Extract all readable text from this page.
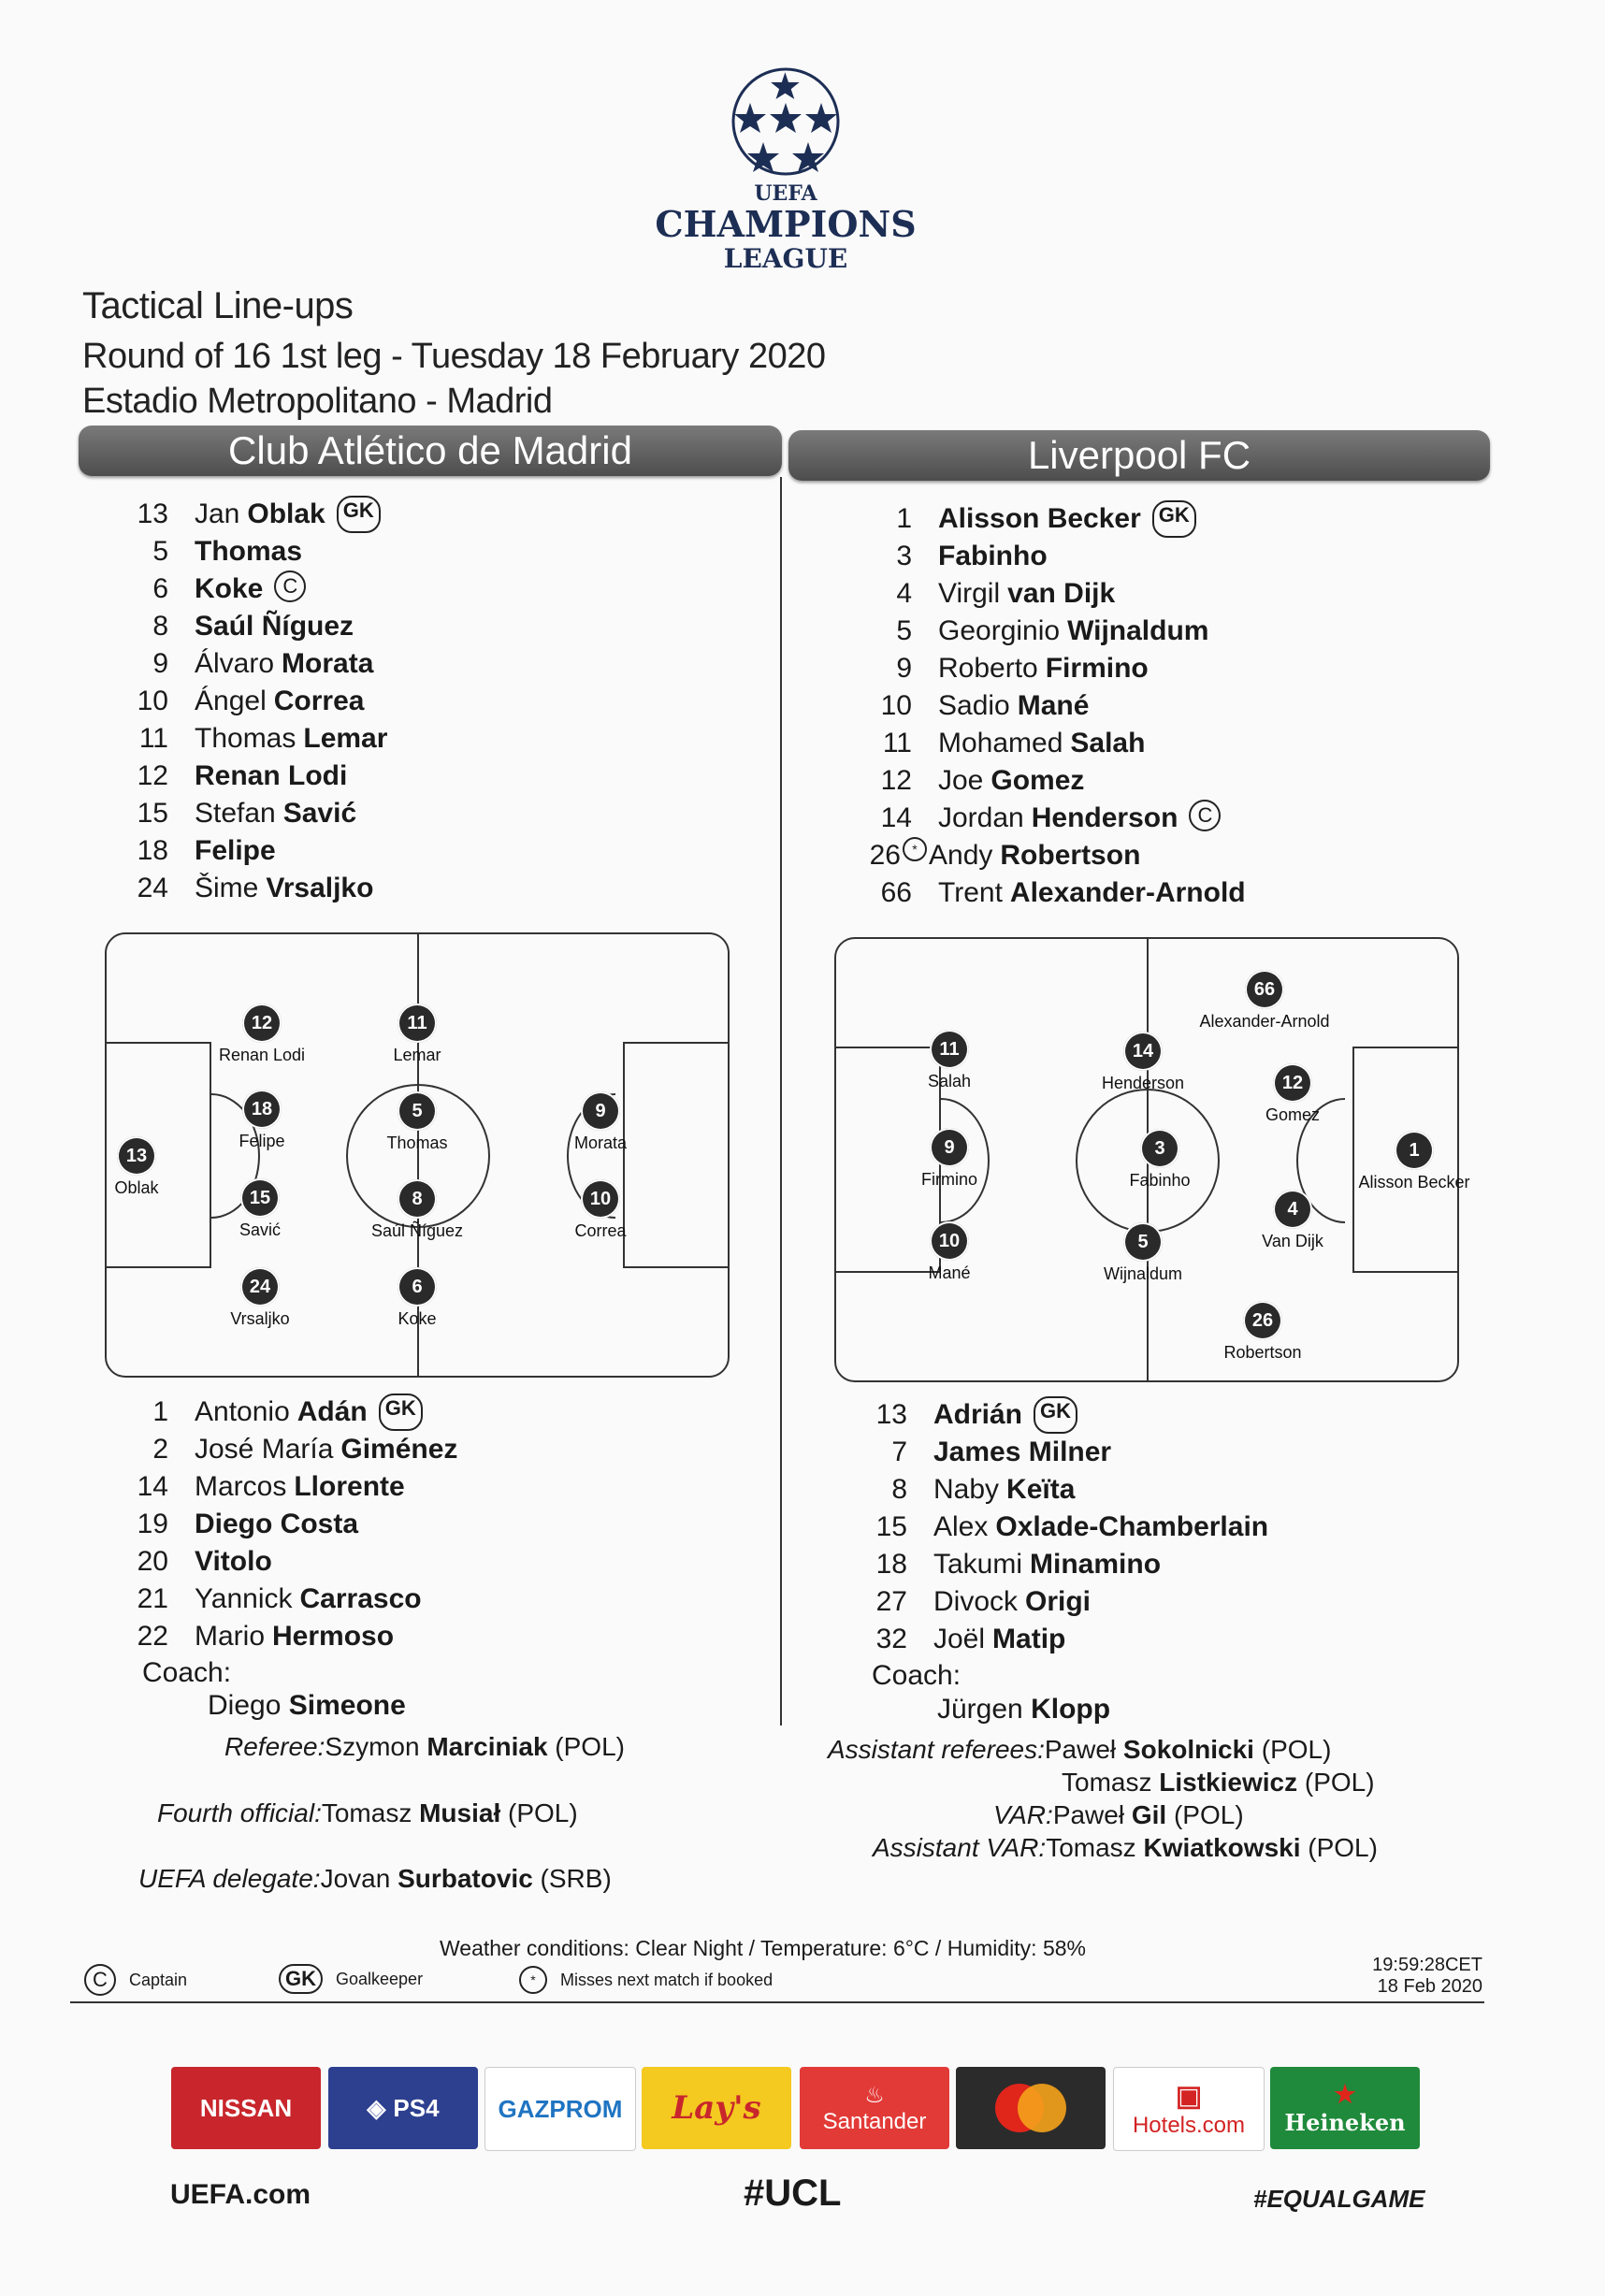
UEFA
CHAMPIONS
LEAGUE
Tactical Line-ups
Round of 16 1st leg - Tuesday 18 February 2020
Estadio Metropolitano - Madrid
Club Atlético de Madrid	Liverpool FC
13 Jan Oblak GK
5 Thomas
6 Koke C
8 Saúl Ñíguez
9 Álvaro Morata
10 Ángel Correa
11 Thomas Lemar
12 Renan Lodi
15 Stefan Savić
18 Felipe
24 Šime Vrsaljko
1 Alisson Becker GK
3 Fabinho
4 Virgil van Dijk
5 Georginio Wijnaldum
9 Roberto Firmino
10 Sadio Mané
11 Mohamed Salah
12 Joe Gomez
14 Jordan Henderson C
26 * Andy Robertson
66 Trent Alexander-Arnold
13
Oblak
12
Renan Lodi
18
Felipe
15
Savić
24
Vrsaljko
11
Lemar
5
Thomas
8
Saúl Ñíguez
6
Koke
9
Morata
10
Correa
66
Alexander-Arnold
11
Salah
14
Henderson	12
Gomez
9
Firmino
3
Fabinho
1
Alisson Becker
4
Van Dijk
10
Mané
5
Wijnaldum
26
Robertson
1 Antonio Adán GK
2 José María Giménez
14 Marcos Llorente
19 Diego Costa
20 Vitolo
21 Yannick Carrasco
22 Mario Hermoso
13 Adrián GK
7 James Milner
8 Naby Keïta
15 Alex Oxlade-Chamberlain
18 Takumi Minamino
27 Divock Origi
32 Joël Matip
Coach:
Diego Simeone
Coach:
Jürgen Klopp
Referee:Szymon Marciniak (POL)
Fourth official:Tomasz Musiał (POL)
UEFA delegate:Jovan Surbatovic (SRB)
Assistant referees:Paweł Sokolnicki (POL)
Tomasz Listkiewicz (POL)
VAR:Paweł Gil (POL)
Assistant VAR:Tomasz Kwiatkowski (POL)
Weather conditions: Clear Night / Temperature: 6°C / Humidity: 58%
C	Captain	GK	Goalkeeper	*	Misses next match if booked
19:59:28CET
18 Feb 2020
NISSAN	◈ PS4	GAZPROM	Lay's	♨
Santander
▣
Hotels.com
★
Heineken
UEFA.com	#UCL	#EQUALGAME
